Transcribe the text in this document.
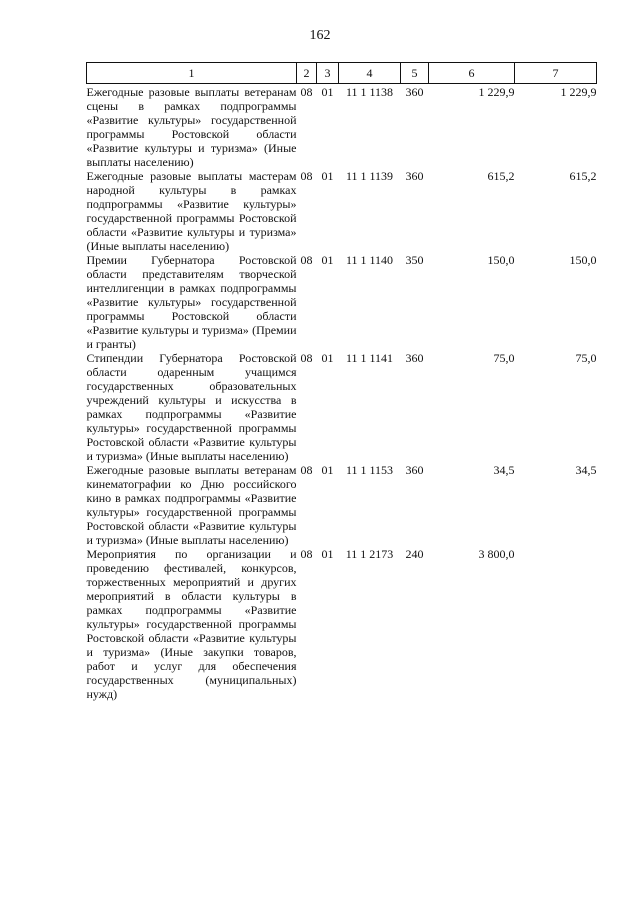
162
1	2	3	4	5	6	7
Ежегодные разовые выплаты ветеранам сцены в рамках подпрограммы «Развитие культуры» государственной программы Ростовской области «Развитие культуры и туризма» (Иные выплаты населению)	08	01	11 1 1138	360	1 229,9	1 229,9
Ежегодные разовые выплаты мастерам народной культуры в рамках подпрограммы «Развитие культуры» государственной программы Ростовской области «Развитие культуры и туризма» (Иные выплаты населению)	08	01	11 1 1139	360	615,2	615,2
Премии Губернатора Ростовской области представителям творческой интеллигенции в рамках подпрограммы «Развитие культуры» государственной программы Ростовской области «Развитие культуры и туризма» (Премии и гранты)	08	01	11 1 1140	350	150,0	150,0
Стипендии Губернатора Ростовской области одаренным учащимся государственных образовательных учреждений культуры и искусства в рамках подпрограммы «Развитие культуры» государственной программы Ростовской области «Развитие культуры и туризма» (Иные выплаты населению)	08	01	11 1 1141	360	75,0	75,0
Ежегодные разовые выплаты ветеранам кинематографии ко Дню российского кино в рамках подпрограммы «Развитие культуры» государственной программы Ростовской области «Развитие культуры и туризма» (Иные выплаты населению)	08	01	11 1 1153	360	34,5	34,5
Мероприятия по организации и проведению фестивалей, конкурсов, торжественных мероприятий и других мероприятий в области культуры в рамках подпрограммы «Развитие культуры» государственной программы Ростовской области «Развитие культуры и туризма» (Иные закупки товаров, работ и услуг для обеспечения государственных (муниципальных) нужд)	08	01	11 1 2173	240	3 800,0	
